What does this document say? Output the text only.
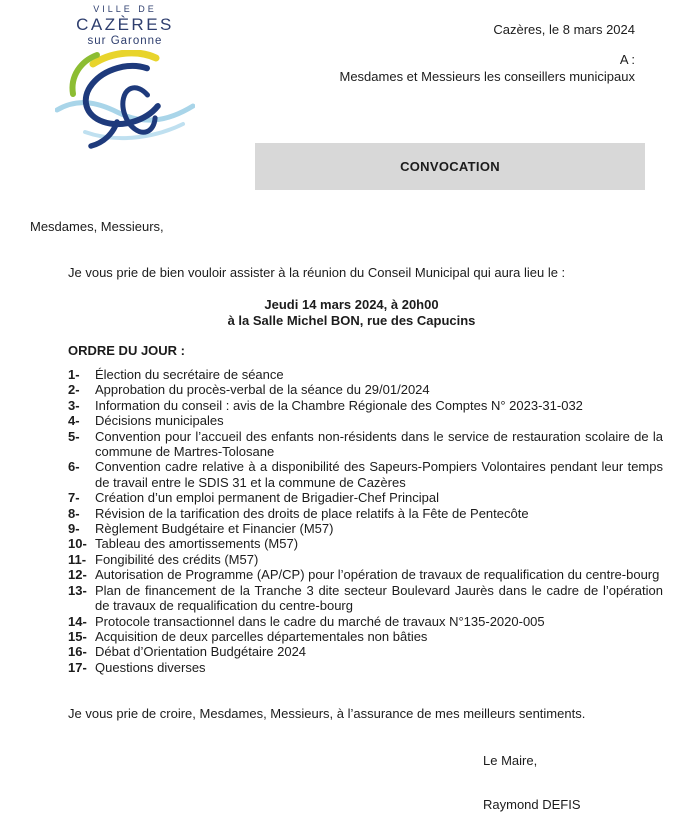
VILLE DE
CAZÈRES
sur Garonne
Cazères, le 8 mars 2024
A :
Mesdames et Messieurs les conseillers municipaux
CONVOCATION
Mesdames, Messieurs,
Je vous prie de bien vouloir assister à la réunion du Conseil Municipal qui aura lieu le :
Jeudi 14 mars 2024, à 20h00
à la Salle Michel BON, rue des Capucins
ORDRE DU JOUR :
1-	Élection du secrétaire de séance
2-	Approbation du procès-verbal de la séance du 29/01/2024
3-	Information du conseil : avis de la Chambre Régionale des Comptes N° 2023-31-032
4-	Décisions municipales
5-	Convention pour l’accueil des enfants non-résidents dans le service de restauration scolaire de la commune de Martres-Tolosane
6-	Convention cadre relative à a disponibilité des Sapeurs-Pompiers Volontaires pendant leur temps de travail entre le SDIS 31 et la commune de Cazères
7-	Création d’un emploi permanent de Brigadier-Chef Principal
8-	Révision de la tarification des droits de place relatifs à la Fête de Pentecôte
9-	Règlement Budgétaire et Financier (M57)
10- Tableau des amortissements (M57)
11- Fongibilité des crédits (M57)
12- Autorisation de Programme (AP/CP) pour l’opération de travaux de requalification du centre-bourg
13- Plan de financement de la Tranche 3 dite secteur Boulevard Jaurès dans le cadre de l’opération de travaux de requalification du centre-bourg
14- Protocole transactionnel dans le cadre du marché de travaux N°135-2020-005
15- Acquisition de deux parcelles départementales non bâties
16- Débat d’Orientation Budgétaire 2024
17- Questions diverses
Je vous prie de croire, Mesdames, Messieurs, à l’assurance de mes meilleurs sentiments.
Le Maire,
Raymond DEFIS
